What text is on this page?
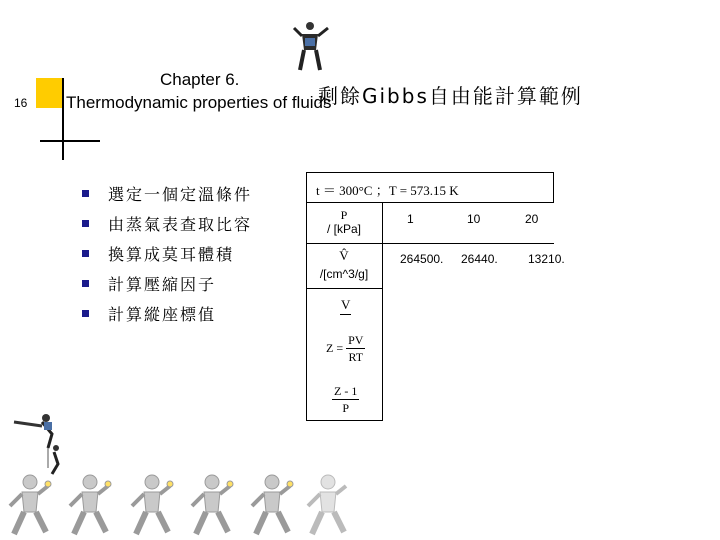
16
Chapter 6.
Thermodynamic properties of fluids
剩餘Gibbs自由能計算範例
選定一個定溫條件
由蒸氣表查取比容
換算成莫耳體積
計算壓縮因子
計算縱座標值
t ＝ 300°C ；T = 573.15 K
P
/ [kPa]
1	10	20
V̂
/[cm^3/g]
264500. 26440.	13210.
V
$Z = \frac{PV}{RT}$
$\frac{Z - 1}{P}$
